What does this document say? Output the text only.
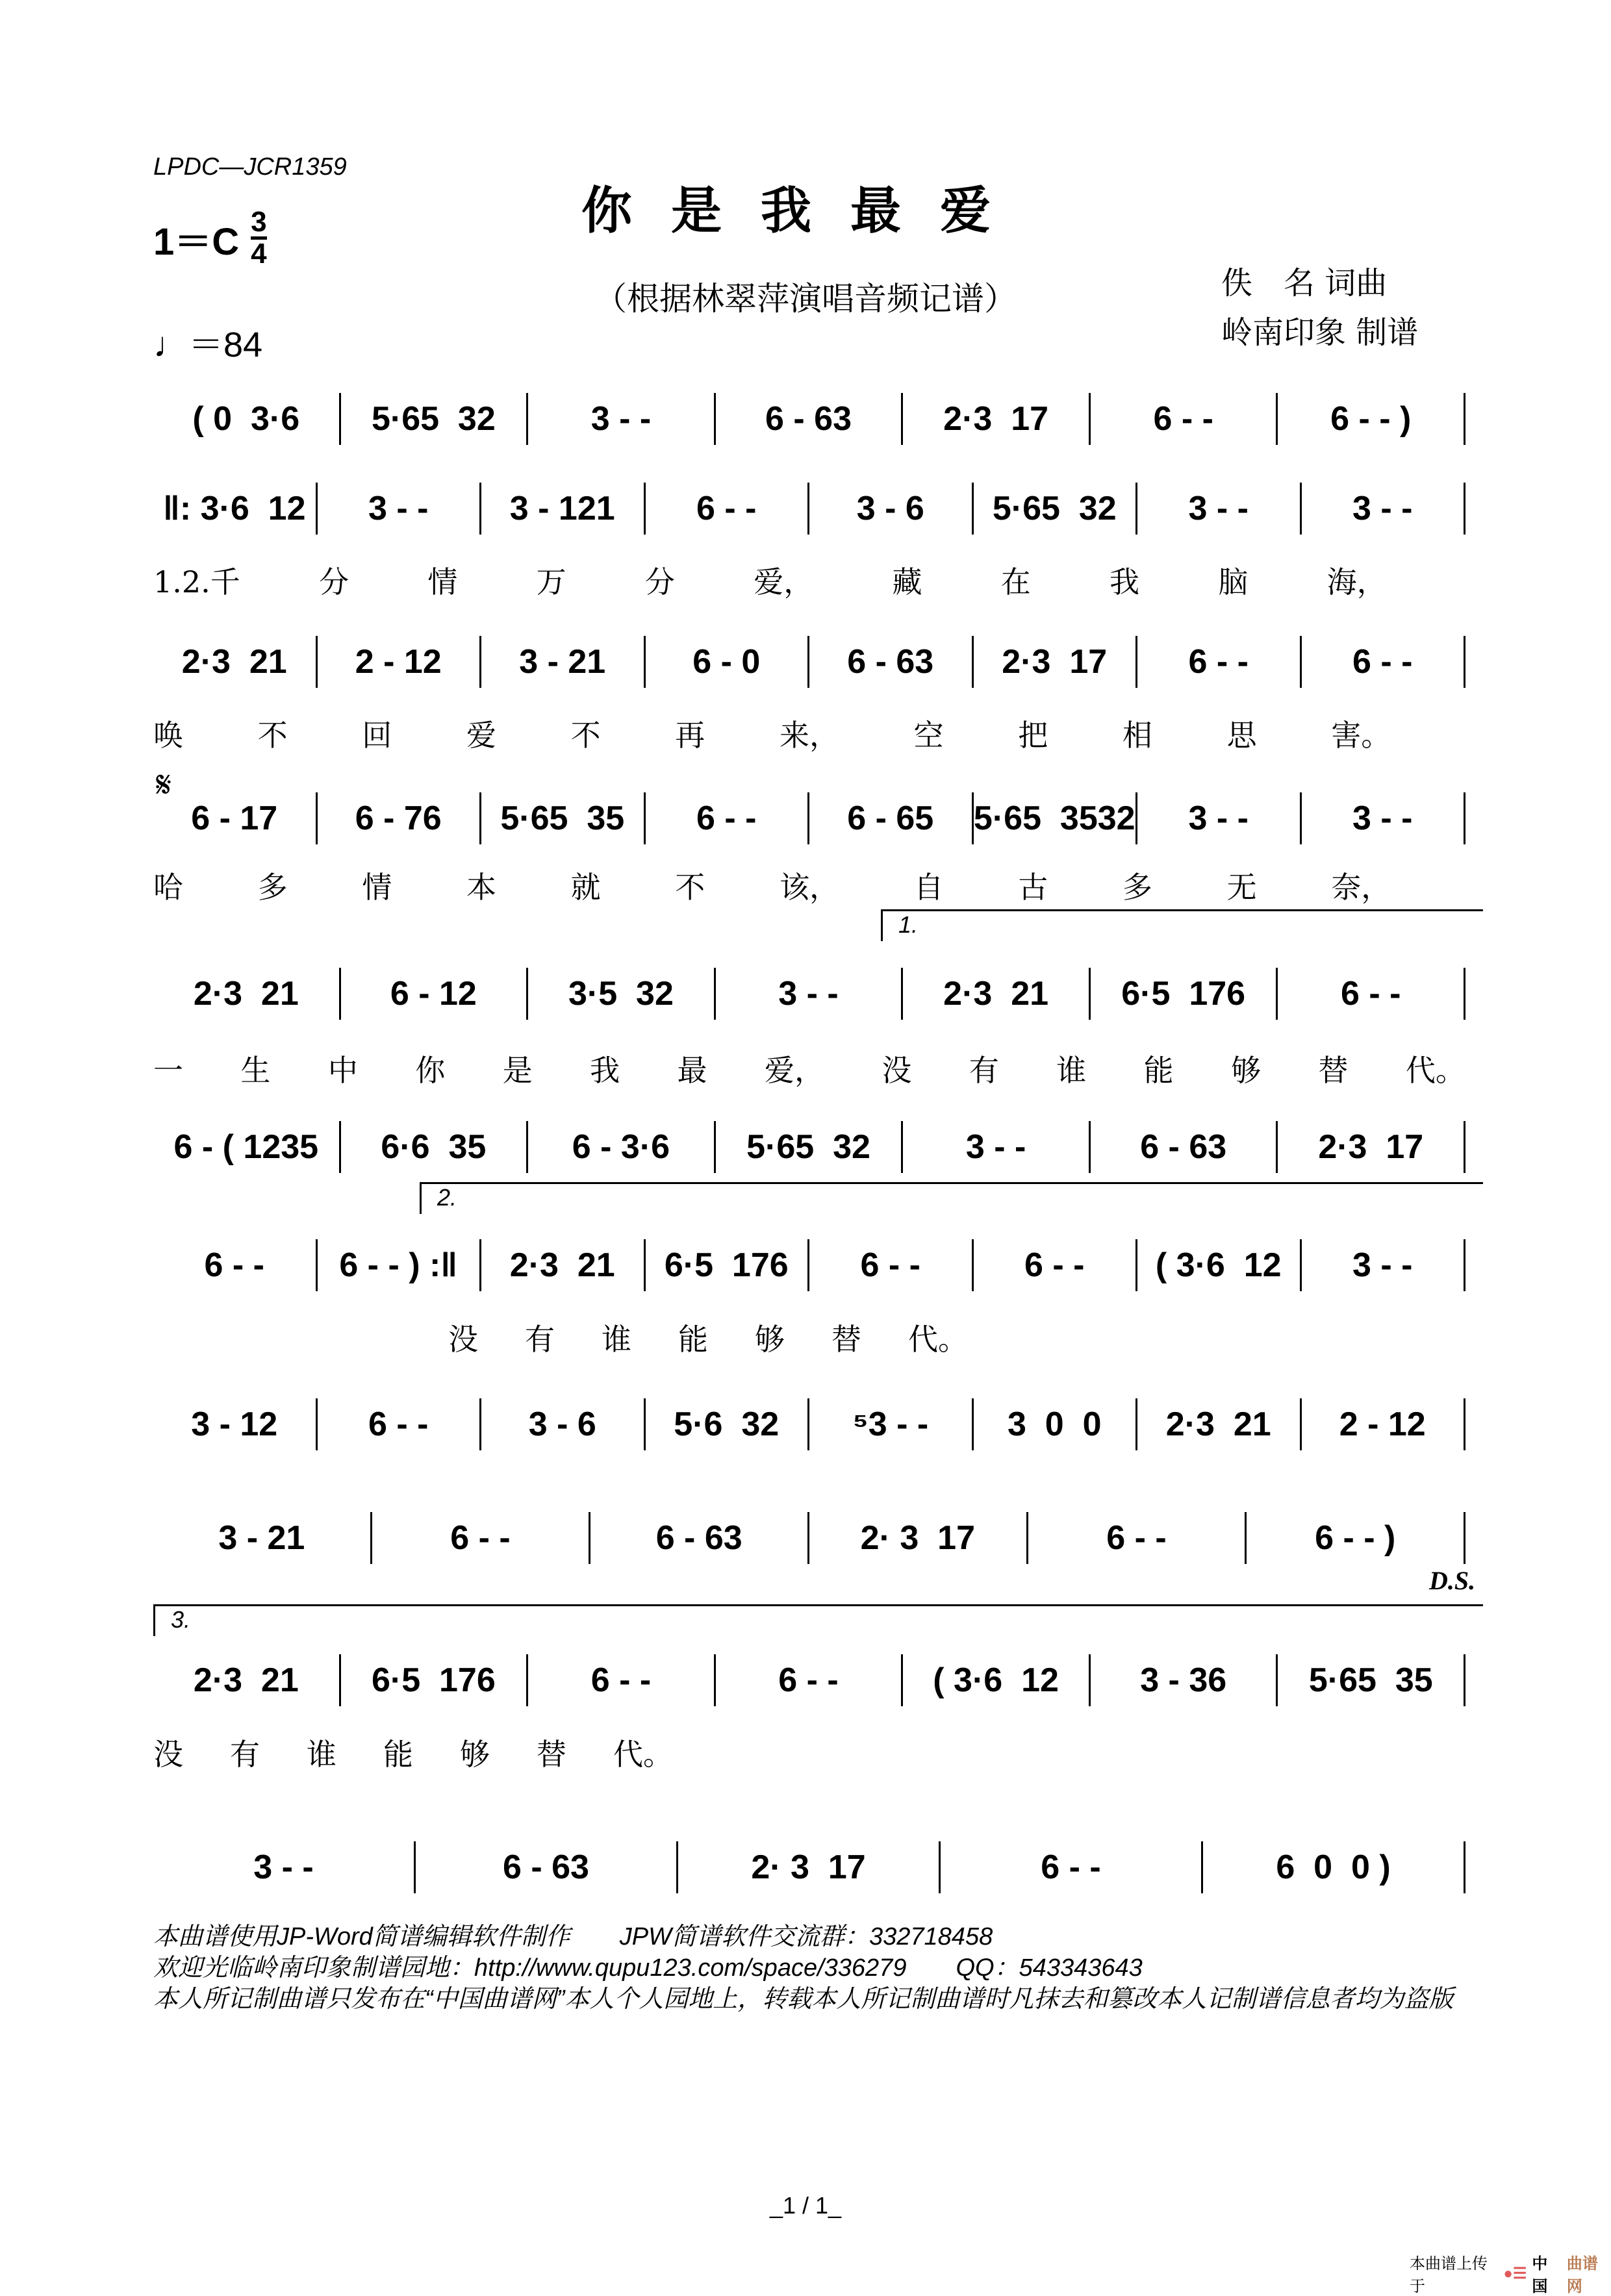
LPDC—JCR1359
你是我最爱
$1=C \frac{3}{4}$
♩＝84
（根据林翠萍演唱音频记谱）	佚　名 词曲
岭南印象 制谱
𝄋
D.S.
( 0  3·6	5·65  32	3 - -	6 - 63	2·3  17	6 - -	6 - - )
‖: 3·6  12	3 - -	3 - 121	6 - -	3 - 6	5·65  32	3 - -	3 - -
1.2.千	分	情	万	分	爱，	藏	在	我	脑	海，
2·3  21	2 - 12	3 - 21	6 - 0	6 - 63	2·3  17	6 - -	6 - -
唤 不 回 爱 不 再 来， 空 把 相 思 害。
6 - 17	6 - 76	5·65  35	6 - -	6 - 65	5·65  3532	3 - -	3 - -
哈 多 情 本 就 不 该， 自 古 多 无 奈，
2·3  21	6 - 12	3·5  32	3 - -	2·3  21	6·5  176	6 - -
一 生 中 你 是 我 最 爱， 没 有 谁 能 够 替 代。
1.
6 - ( 1235	6·6  35	6 - 3·6	5·65  32	3 - -	6 - 63	2·3  17
6 - -	6 - - ) :‖	2·3  21	6·5  176	6 - -	6 - -	( 3·6  12	3 - -
没 有 谁 能 够 替 代。
2.
3 - 12	6 - -	3 - 6	5·6  32	⁵3 - -	3  0  0	2·3  21	2 - 12
3 - 21	6 - -	6 - 63	2· 3  17	6 - -	6 - - )
2·3  21	6·5  176	6 - -	6 - -	( 3·6  12	3 - 36	5·65  35
没 有 谁 能 够 替 代。
3.
3 - -	6 - 63	2· 3  17	6 - -	6  0  0 )
本曲谱使用JP-Word简谱编辑软件制作　　JPW简谱软件交流群：332718458
欢迎光临岭南印象制谱园地：http://www.qupu123.com/space/336279　　QQ：543343643
本人所记制曲谱只发布在“中国曲谱网”本人个人园地上，转载本人所记制曲谱时凡抹去和篡改本人记制谱信息者均为盗版
_1 / 1_
本曲谱上传于
●☰
中国
曲谱网
